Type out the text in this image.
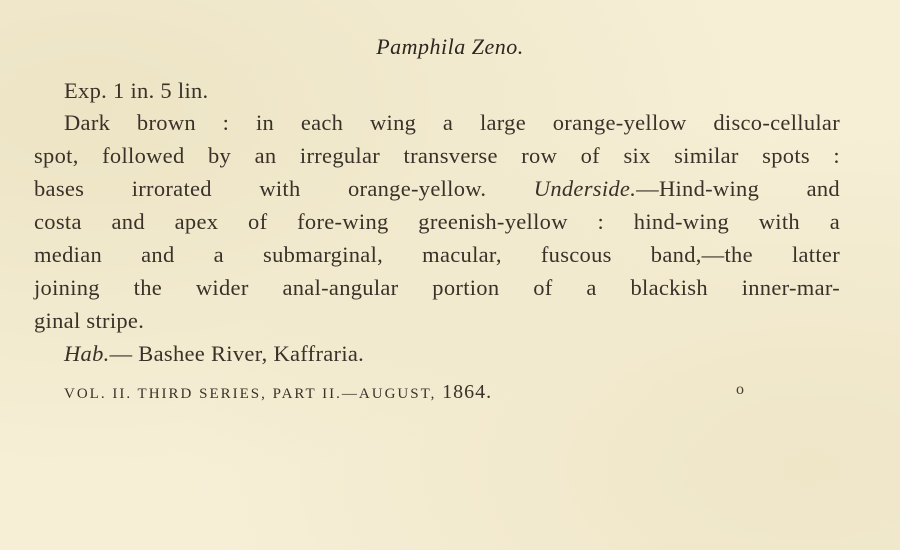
Pamphila Zeno.
Exp. 1 in. 5 lin.
Dark brown : in each wing a large orange-yellow disco-cellular
spot, followed by an irregular transverse row of six similar spots :
bases irrorated with orange-yellow. Underside.—Hind-wing and
costa and apex of fore-wing greenish-yellow : hind-wing with a
median and a submarginal, macular, fuscous band,—the latter
joining the wider anal-angular portion of a blackish inner-mar-
ginal stripe.
Hab.— Bashee River, Kaffraria.
VOL. II. THIRD SERIES, PART II.—AUGUST, 1864.	o
